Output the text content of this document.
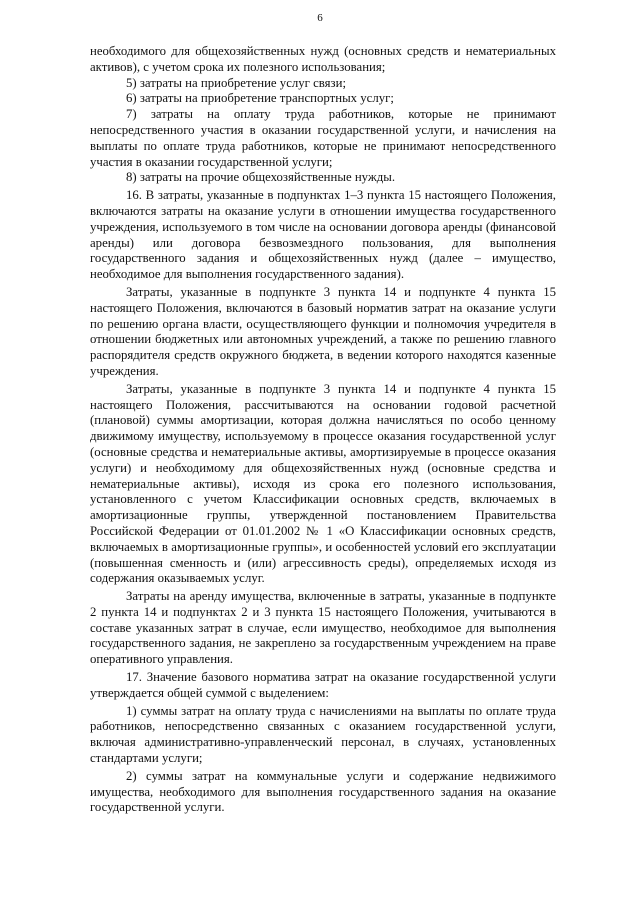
6

необходимого для общехозяйственных нужд (основных средств и нематериальных активов), с учетом срока их полезного использования;

5) затраты на приобретение услуг связи;

6) затраты на приобретение транспортных услуг;

7) затраты на оплату труда работников, которые не принимают непосредственного участия в оказании государственной услуги, и начисления на выплаты по оплате труда работников, которые не принимают непосредственного участия в оказании государственной услуги;

8) затраты на прочие общехозяйственные нужды.

16. В затраты, указанные в подпунктах 1–3 пункта 15 настоящего Положения, включаются затраты на оказание услуги в отношении имущества государственного учреждения, используемого в том числе на основании договора аренды (финансовой аренды) или договора безвозмездного пользования, для выполнения государственного задания и общехозяйственных нужд (далее – имущество, необходимое для выполнения государственного задания).

Затраты, указанные в подпункте 3 пункта 14 и подпункте 4 пункта 15 настоящего Положения, включаются в базовый норматив затрат на оказание услуги по решению органа власти, осуществляющего функции и полномочия учредителя в отношении бюджетных или автономных учреждений, а также по решению главного распорядителя средств окружного бюджета, в ведении которого находятся казенные учреждения.

Затраты, указанные в подпункте 3 пункта 14 и подпункте 4 пункта 15 настоящего Положения, рассчитываются на основании годовой расчетной (плановой) суммы амортизации, которая должна начисляться по особо ценному движимому имуществу, используемому в процессе оказания государственной услуг (основные средства и нематериальные активы, амортизируемые в процессе оказания услуги) и необходимому для общехозяйственных нужд (основные средства и нематериальные активы), исходя из срока его полезного использования, установленного с учетом Классификации основных средств, включаемых в амортизационные группы, утвержденной постановлением Правительства Российской Федерации от 01.01.2002 № 1 «О Классификации основных средств, включаемых в амортизационные группы», и особенностей условий его эксплуатации (повышенная сменность и (или) агрессивность среды), определяемых исходя из содержания оказываемых услуг.

Затраты на аренду имущества, включенные в затраты, указанные в подпункте 2 пункта 14 и подпунктах 2 и 3 пункта 15 настоящего Положения, учитываются в составе указанных затрат в случае, если имущество, необходимое для выполнения государственного задания, не закреплено за государственным учреждением на праве оперативного управления.

17. Значение базового норматива затрат на оказание государственной услуги утверждается общей суммой с выделением:

1) суммы затрат на оплату труда с начислениями на выплаты по оплате труда работников, непосредственно связанных с оказанием государственной услуги, включая административно-управленческий персонал, в случаях, установленных стандартами услуги;

2) суммы затрат на коммунальные услуги и содержание недвижимого имущества, необходимого для выполнения государственного задания на оказание государственной услуги.
